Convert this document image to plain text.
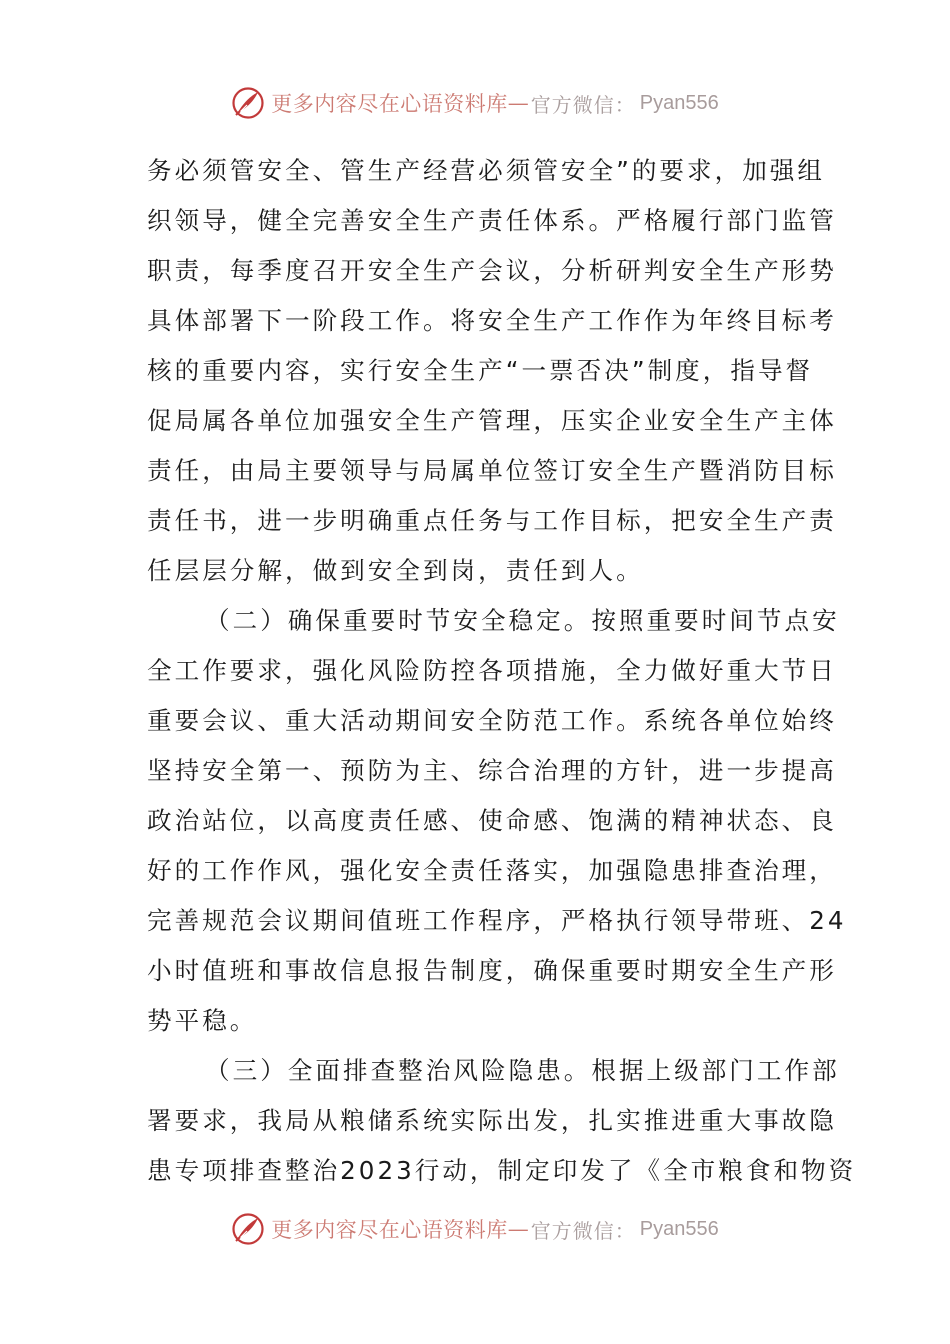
更多内容尽在心语资料库 — 官方微信： Pyan556
务必须管安全、管生产经营必须管安全”的要求，加强组
织领导，健全完善安全生产责任体系。严格履行部门监管
职责，每季度召开安全生产会议，分析研判安全生产形势
具体部署下一阶段工作。将安全生产工作作为年终目标考
核的重要内容，实行安全生产“一票否决”制度，指导督
促局属各单位加强安全生产管理，压实企业安全生产主体
责任，由局主要领导与局属单位签订安全生产暨消防目标
责任书，进一步明确重点任务与工作目标，把安全生产责
任层层分解，做到安全到岗，责任到人。
（二）确保重要时节安全稳定。按照重要时间节点安
全工作要求，强化风险防控各项措施，全力做好重大节日
重要会议、重大活动期间安全防范工作。系统各单位始终
坚持安全第一、预防为主、综合治理的方针，进一步提高
政治站位，以高度责任感、使命感、饱满的精神状态、良
好的工作作风，强化安全责任落实，加强隐患排查治理，
完善规范会议期间值班工作程序，严格执行领导带班、24
小时值班和事故信息报告制度，确保重要时期安全生产形
势平稳。
（三）全面排查整治风险隐患。根据上级部门工作部
署要求，我局从粮储系统实际出发，扎实推进重大事故隐
患专项排查整治2023行动，制定印发了《全市粮食和物资
更多内容尽在心语资料库 — 官方微信： Pyan556
